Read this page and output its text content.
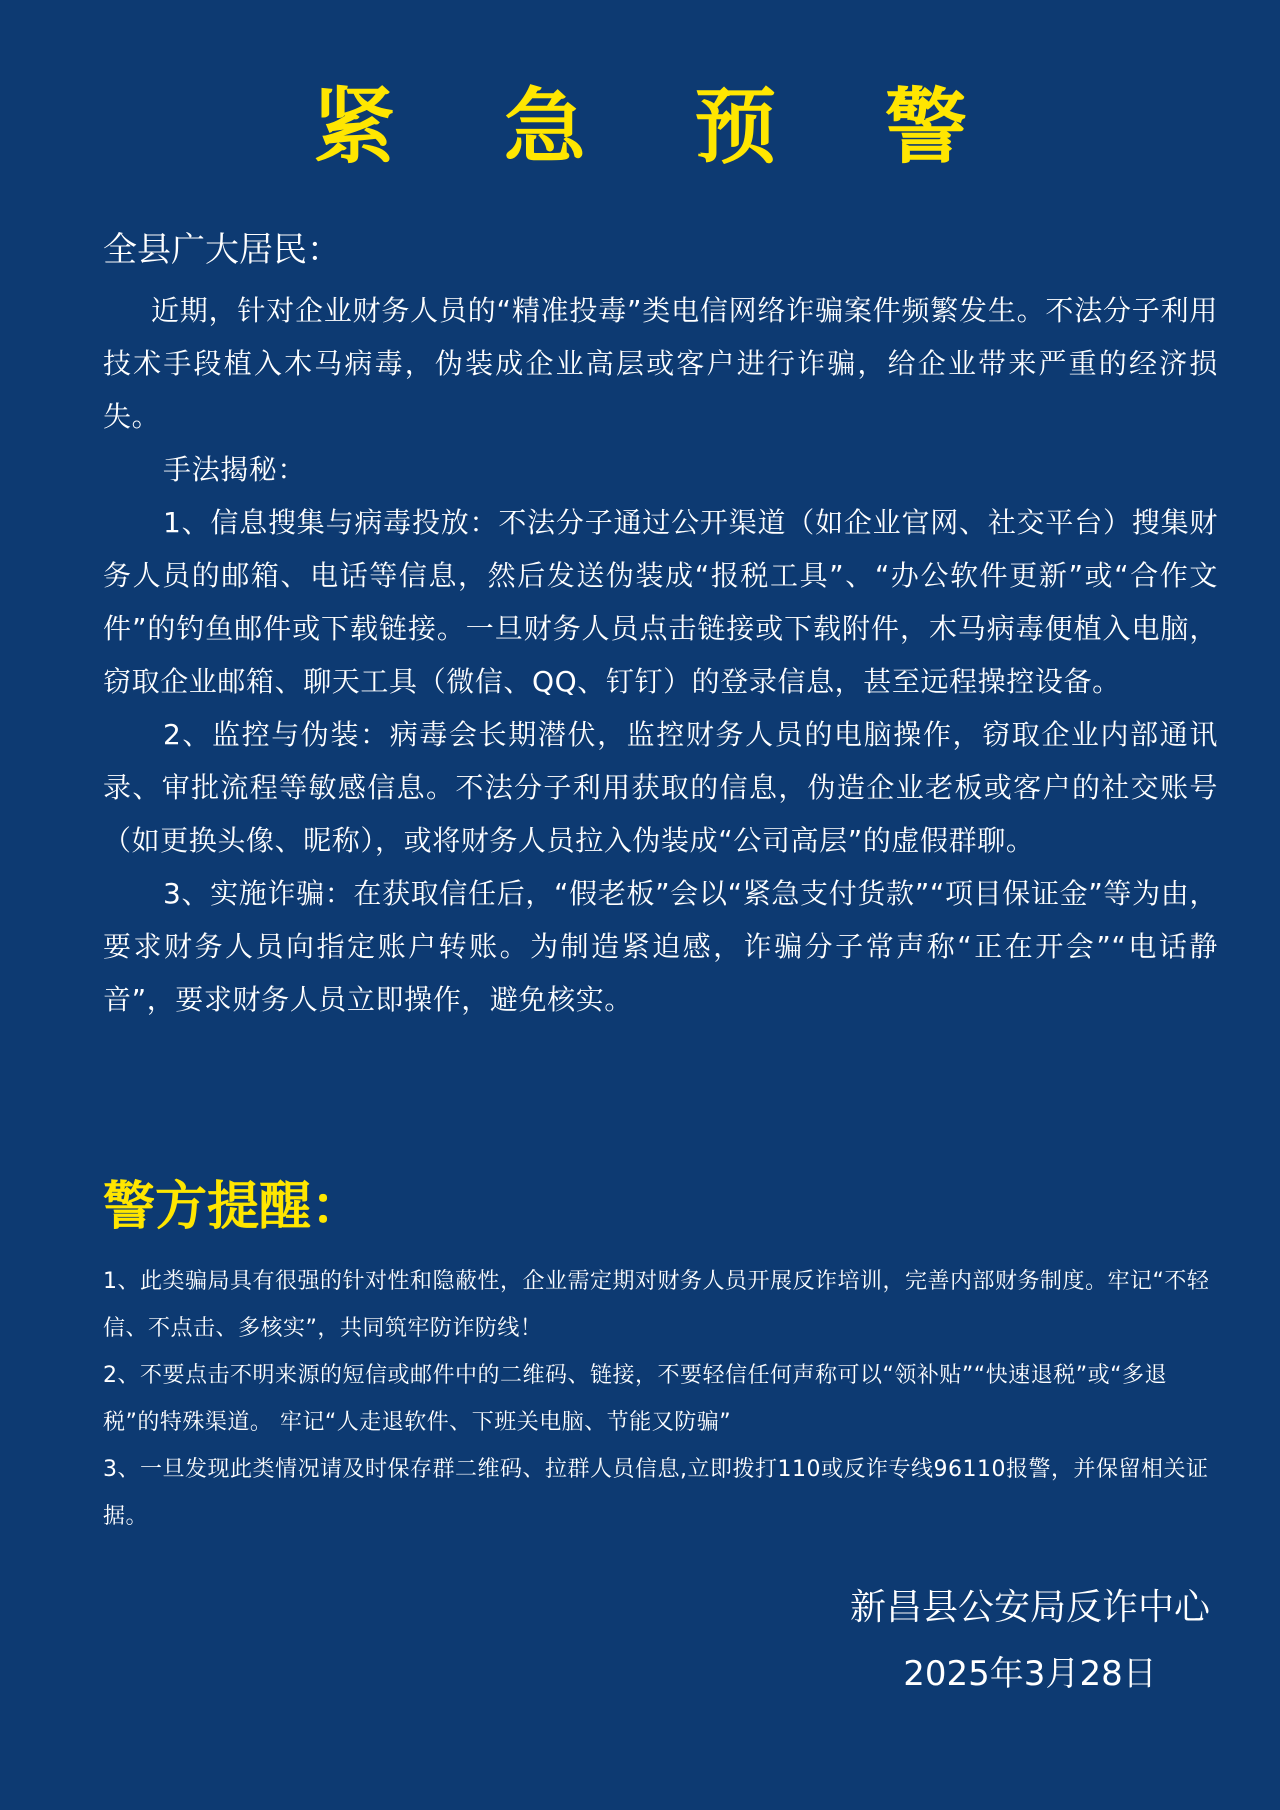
紧 急 预 警
全县广大居民：

近期，针对企业财务人员的“精准投毒”类电信网络诈骗案件频繁发生。不法分子利用技术手段植入木马病毒，伪装成企业高层或客户进行诈骗，给企业带来严重的经济损失。

手法揭秘：

1、信息搜集与病毒投放：不法分子通过公开渠道（如企业官网、社交平台）搜集财务人员的邮箱、电话等信息，然后发送伪装成“报税工具”、“办公软件更新”或“合作文件”的钓鱼邮件或下载链接。一旦财务人员点击链接或下载附件，木马病毒便植入电脑，窃取企业邮箱、聊天工具（微信、QQ、钉钉）的登录信息，甚至远程操控设备。

2、监控与伪装：病毒会长期潜伏，监控财务人员的电脑操作，窃取企业内部通讯录、审批流程等敏感信息。不法分子利用获取的信息，伪造企业老板或客户的社交账号（如更换头像、昵称），或将财务人员拉入伪装成“公司高层”的虚假群聊。

3、实施诈骗：在获取信任后，“假老板”会以“紧急支付货款”“项目保证金”等为由，要求财务人员向指定账户转账。为制造紧迫感，诈骗分子常声称“正在开会”“电话静音”，要求财务人员立即操作，避免核实。

警方提醒：

1、此类骗局具有很强的针对性和隐蔽性，企业需定期对财务人员开展反诈培训，完善内部财务制度。牢记“不轻信、不点击、多核实”，共同筑牢防诈防线！

2、不要点击不明来源的短信或邮件中的二维码、链接，不要轻信任何声称可以“领补贴”“快速退税”或“多退税”的特殊渠道。 牢记“人走退软件、下班关电脑、节能又防骗”

3、一旦发现此类情况请及时保存群二维码、拉群人员信息,立即拨打110或反诈专线96110报警，并保留相关证据。

新昌县公安局反诈中心
2025年3月28日
